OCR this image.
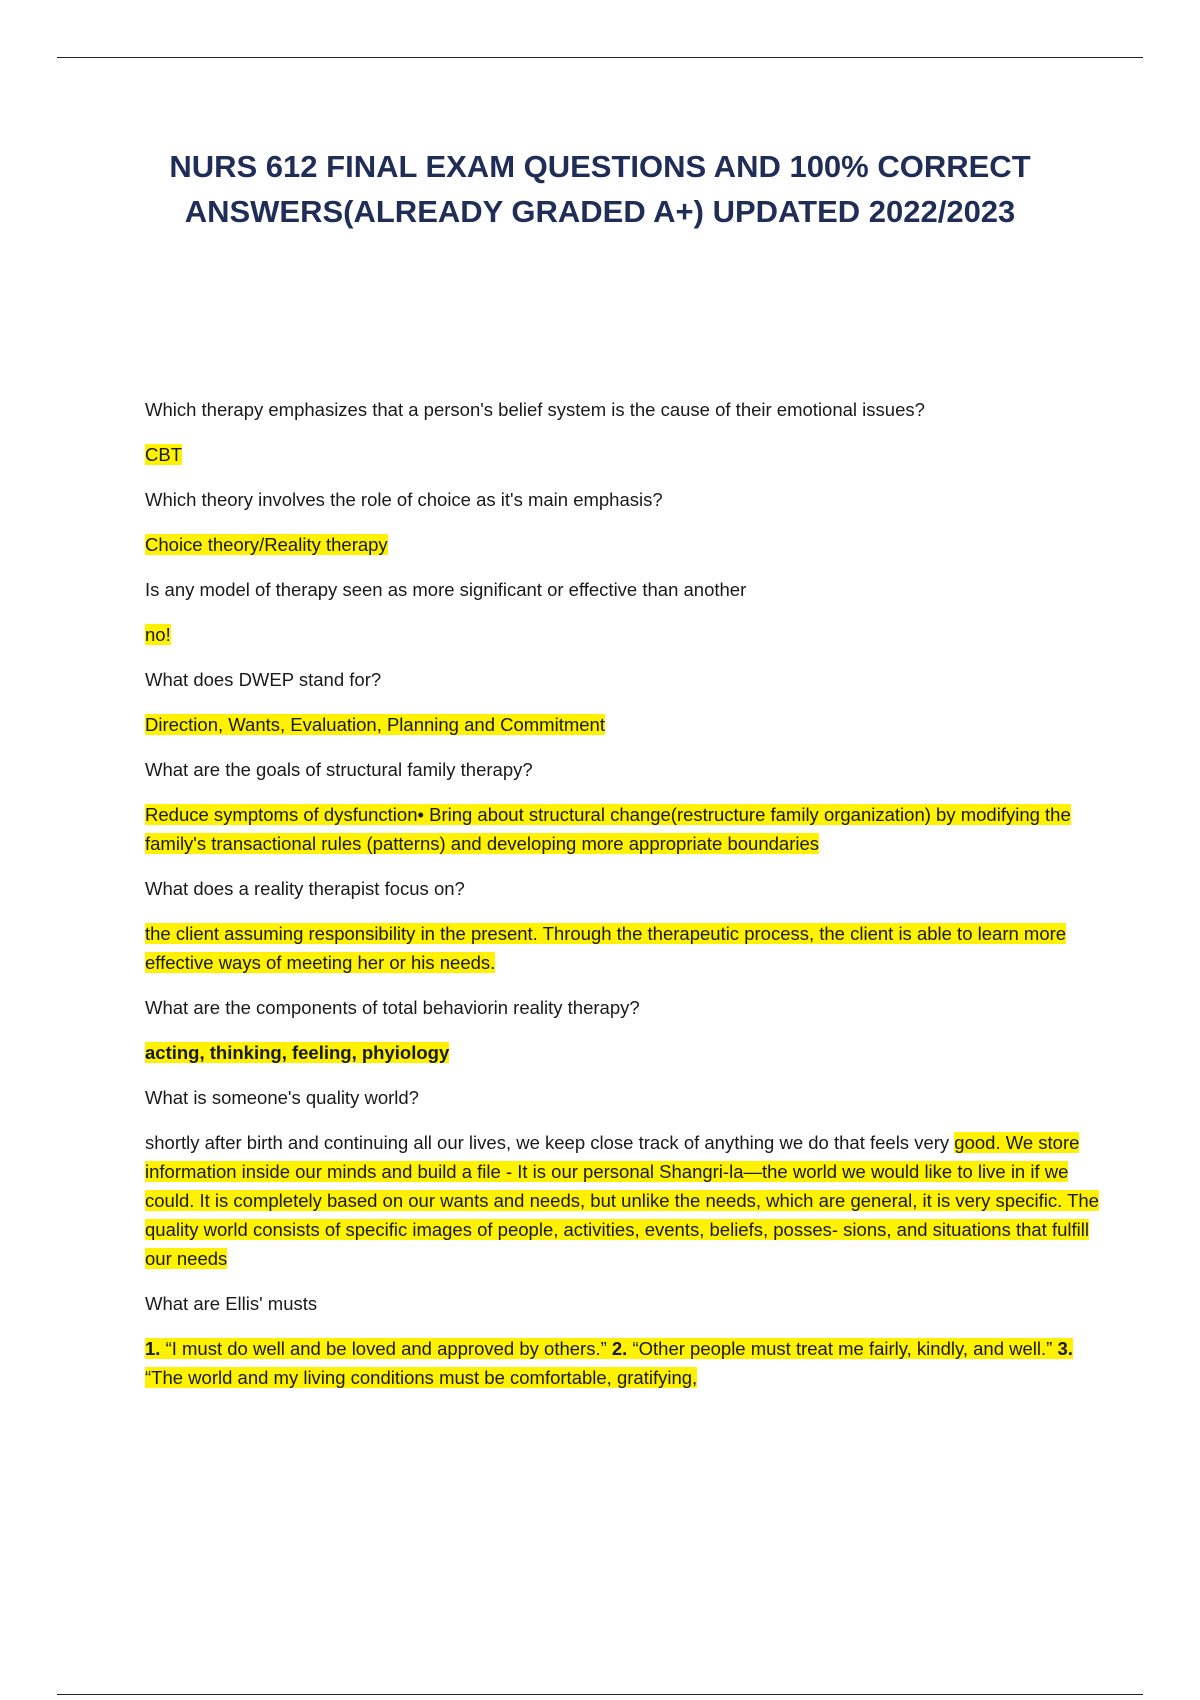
NURS 612 FINAL EXAM QUESTIONS AND 100% CORRECT
ANSWERS(ALREADY GRADED A+) UPDATED 2022/2023
Which therapy emphasizes that a person's belief system is the cause of their emotional issues?
CBT
Which theory involves the role of choice as it's main emphasis?
Choice theory/Reality therapy
Is any model of therapy seen as more significant or effective than another
no!
What does DWEP stand for?
Direction, Wants, Evaluation, Planning and Commitment
What are the goals of structural family therapy?
Reduce symptoms of dysfunction• Bring about structural change(restructure family organization) by modifying the family's transactional rules (patterns) and developing more appropriate boundaries
What does a reality therapist focus on?
the client assuming responsibility in the present. Through the therapeutic process, the client is able to learn more effective ways of meeting her or his needs.
What are the components of total behaviorin reality therapy?
acting, thinking, feeling, phyiology
What is someone's quality world?
shortly after birth and continuing all our lives, we keep close track of anything we do that feels very good. We store information inside our minds and build a file - It is our personal Shangri-la—the world we would like to live in if we could. It is completely based on our wants and needs, but unlike the needs, which are general, it is very specific. The quality world consists of specific images of people, activities, events, beliefs, posses- sions, and situations that fulfill our needs
What are Ellis' musts
1. “I must do well and be loved and approved by others.” 2. “Other people must treat me fairly, kindly, and well.” 3. “The world and my living conditions must be comfortable, gratifying,
